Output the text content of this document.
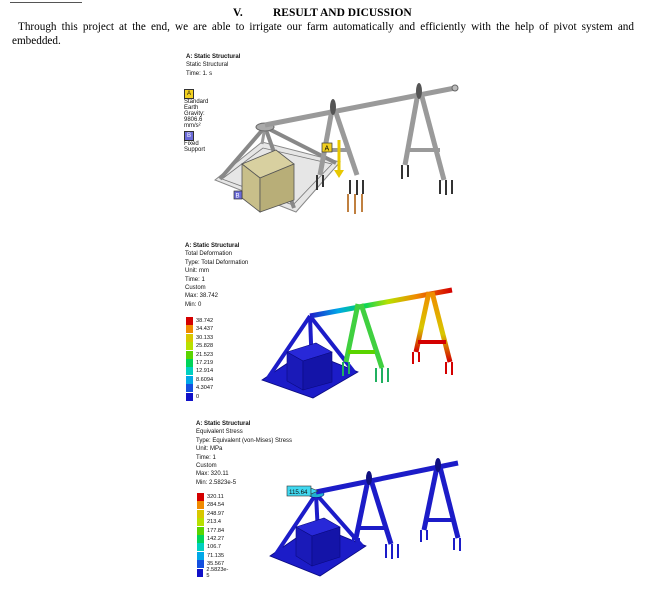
V.	RESULT AND DICUSSION
Through this project at the end, we are able to irrigate our farm automatically and efficiently with the help of pivot system and embedded.
A: Static Structural
Static Structural
Time: 1. s
AStandard Earth Gravity: 9806.6 mm/s²
BFixed Support	A
B
A: Static Structural
Total Deformation
Type: Total Deformation
Unit: mm
Time: 1
Custom
Max: 38.742
Min: 0
38.742
34.437
30.133
25.828
21.523
17.219
12.914
8.6094
4.3047
0
A: Static Structural
Equivalent Stress
Type: Equivalent (von-Mises) Stress
Unit: MPa
Time: 1
Custom
Max: 320.11
Min: 2.5823e-5
320.11
284.54
248.97
213.4
177.84
142.27
106.7
71.135
35.567
2.5823e-5
115.64
